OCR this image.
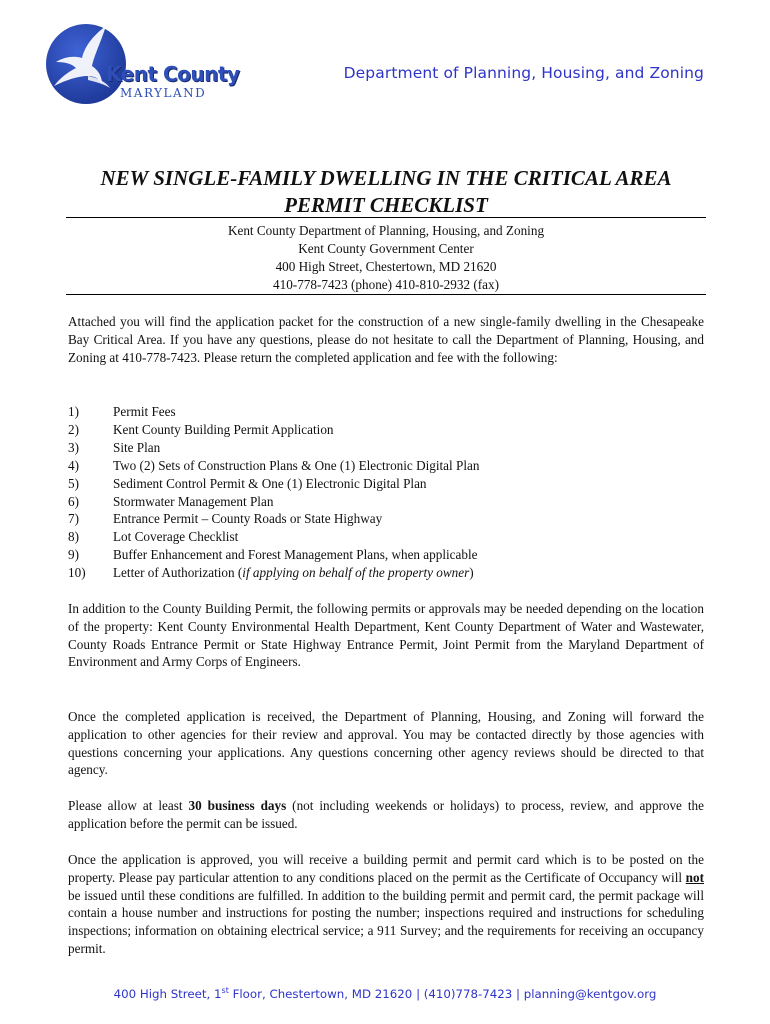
Kent County
MARYLAND
Department of Planning, Housing, and Zoning
NEW SINGLE-FAMILY DWELLING IN THE CRITICAL AREA
PERMIT CHECKLIST
Kent County Department of Planning, Housing, and Zoning
Kent County Government Center
400 High Street, Chestertown, MD 21620
410-778-7423 (phone) 410-810-2932 (fax)

Attached you will find the application packet for the construction of a new single-family dwelling in the Chesapeake Bay Critical Area. If you have any questions, please do not hesitate to call the Department of Planning, Housing, and Zoning at 410-778-7423. Please return the completed application and fee with the following:

1)	Permit Fees
2)	Kent County Building Permit Application
3)	Site Plan
4)	Two (2) Sets of Construction Plans & One (1) Electronic Digital Plan
5)	Sediment Control Permit & One (1) Electronic Digital Plan
6)	Stormwater Management Plan
7)	Entrance Permit – County Roads or State Highway
8)	Lot Coverage Checklist
9)	Buffer Enhancement and Forest Management Plans, when applicable
10) Letter of Authorization (if applying on behalf of the property owner)

In addition to the County Building Permit, the following permits or approvals may be needed depending on the location of the property: Kent County Environmental Health Department, Kent County Department of Water and Wastewater, County Roads Entrance Permit or State Highway Entrance Permit, Joint Permit from the Maryland Department of Environment and Army Corps of Engineers.

Once the completed application is received, the Department of Planning, Housing, and Zoning will forward the application to other agencies for their review and approval. You may be contacted directly by those agencies with questions concerning your applications. Any questions concerning other agency reviews should be directed to that agency.

Please allow at least 30 business days (not including weekends or holidays) to process, review, and approve the application before the permit can be issued.

Once the application is approved, you will receive a building permit and permit card which is to be posted on the property. Please pay particular attention to any conditions placed on the permit as the Certificate of Occupancy will not be issued until these conditions are fulfilled. In addition to the building permit and permit card, the permit package will contain a house number and instructions for posting the number; inspections required and instructions for scheduling inspections; information on obtaining electrical service; a 911 Survey; and the requirements for receiving an occupancy permit.

400 High Street, 1st Floor, Chestertown, MD 21620 | (410)778-7423 | planning@kentgov.org
